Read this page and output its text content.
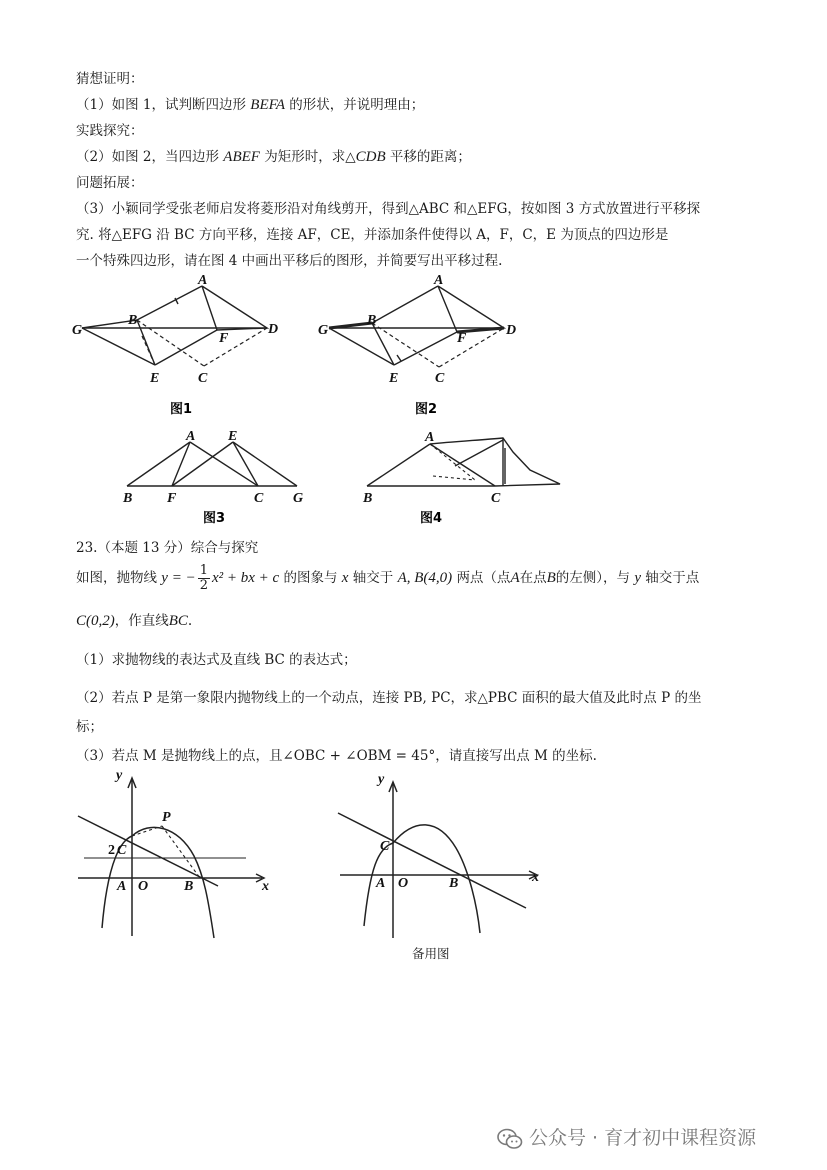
猜想证明：
（1）如图 1，试判断四边形 BEFA 的形状，并说明理由；
实践探究：
（2）如图 2，当四边形 ABEF 为矩形时，求△CDB 平移的距离；
问题拓展：
（3）小颖同学受张老师启发将菱形沿对角线剪开，得到△ABC 和△EFG，按如图 3 方式放置进行平移探
究. 将△EFG 沿 BC 方向平移，连接 AF，CE，并添加条件使得以 A，F，C，E 为顶点的四边形是
一个特殊四边形，请在图 4 中画出平移后的图形，并简要写出平移过程.
A
B
D
F
G
E	C
图1
A
B
D
F
G
E	C
图2
A E
B F	C G
图3
A
B	C
图4
23.（本题 13 分）综合与探究
如图，抛物线 y = − $\frac{1}{2} x^2$ + bx + c 的图象与 x 轴交于 A, B(4,0) 两点（点A在点B的左侧），与 y 轴交于点
C(0,2)，作直线BC.
（1）求抛物线的表达式及直线 BC 的表达式；
（2）若点 P 是第一象限内抛物线上的一个动点，连接 PB, PC，求△PBC 面积的最大值及此时点 P 的坐
标；
（3）若点 M 是抛物线上的点，且∠OBC + ∠OBM = 45°，请直接写出点 M 的坐标.
y
P
2 C
A O	B	x
y
C
A O	B	x
备用图
公众号 · 育才初中课程资源
